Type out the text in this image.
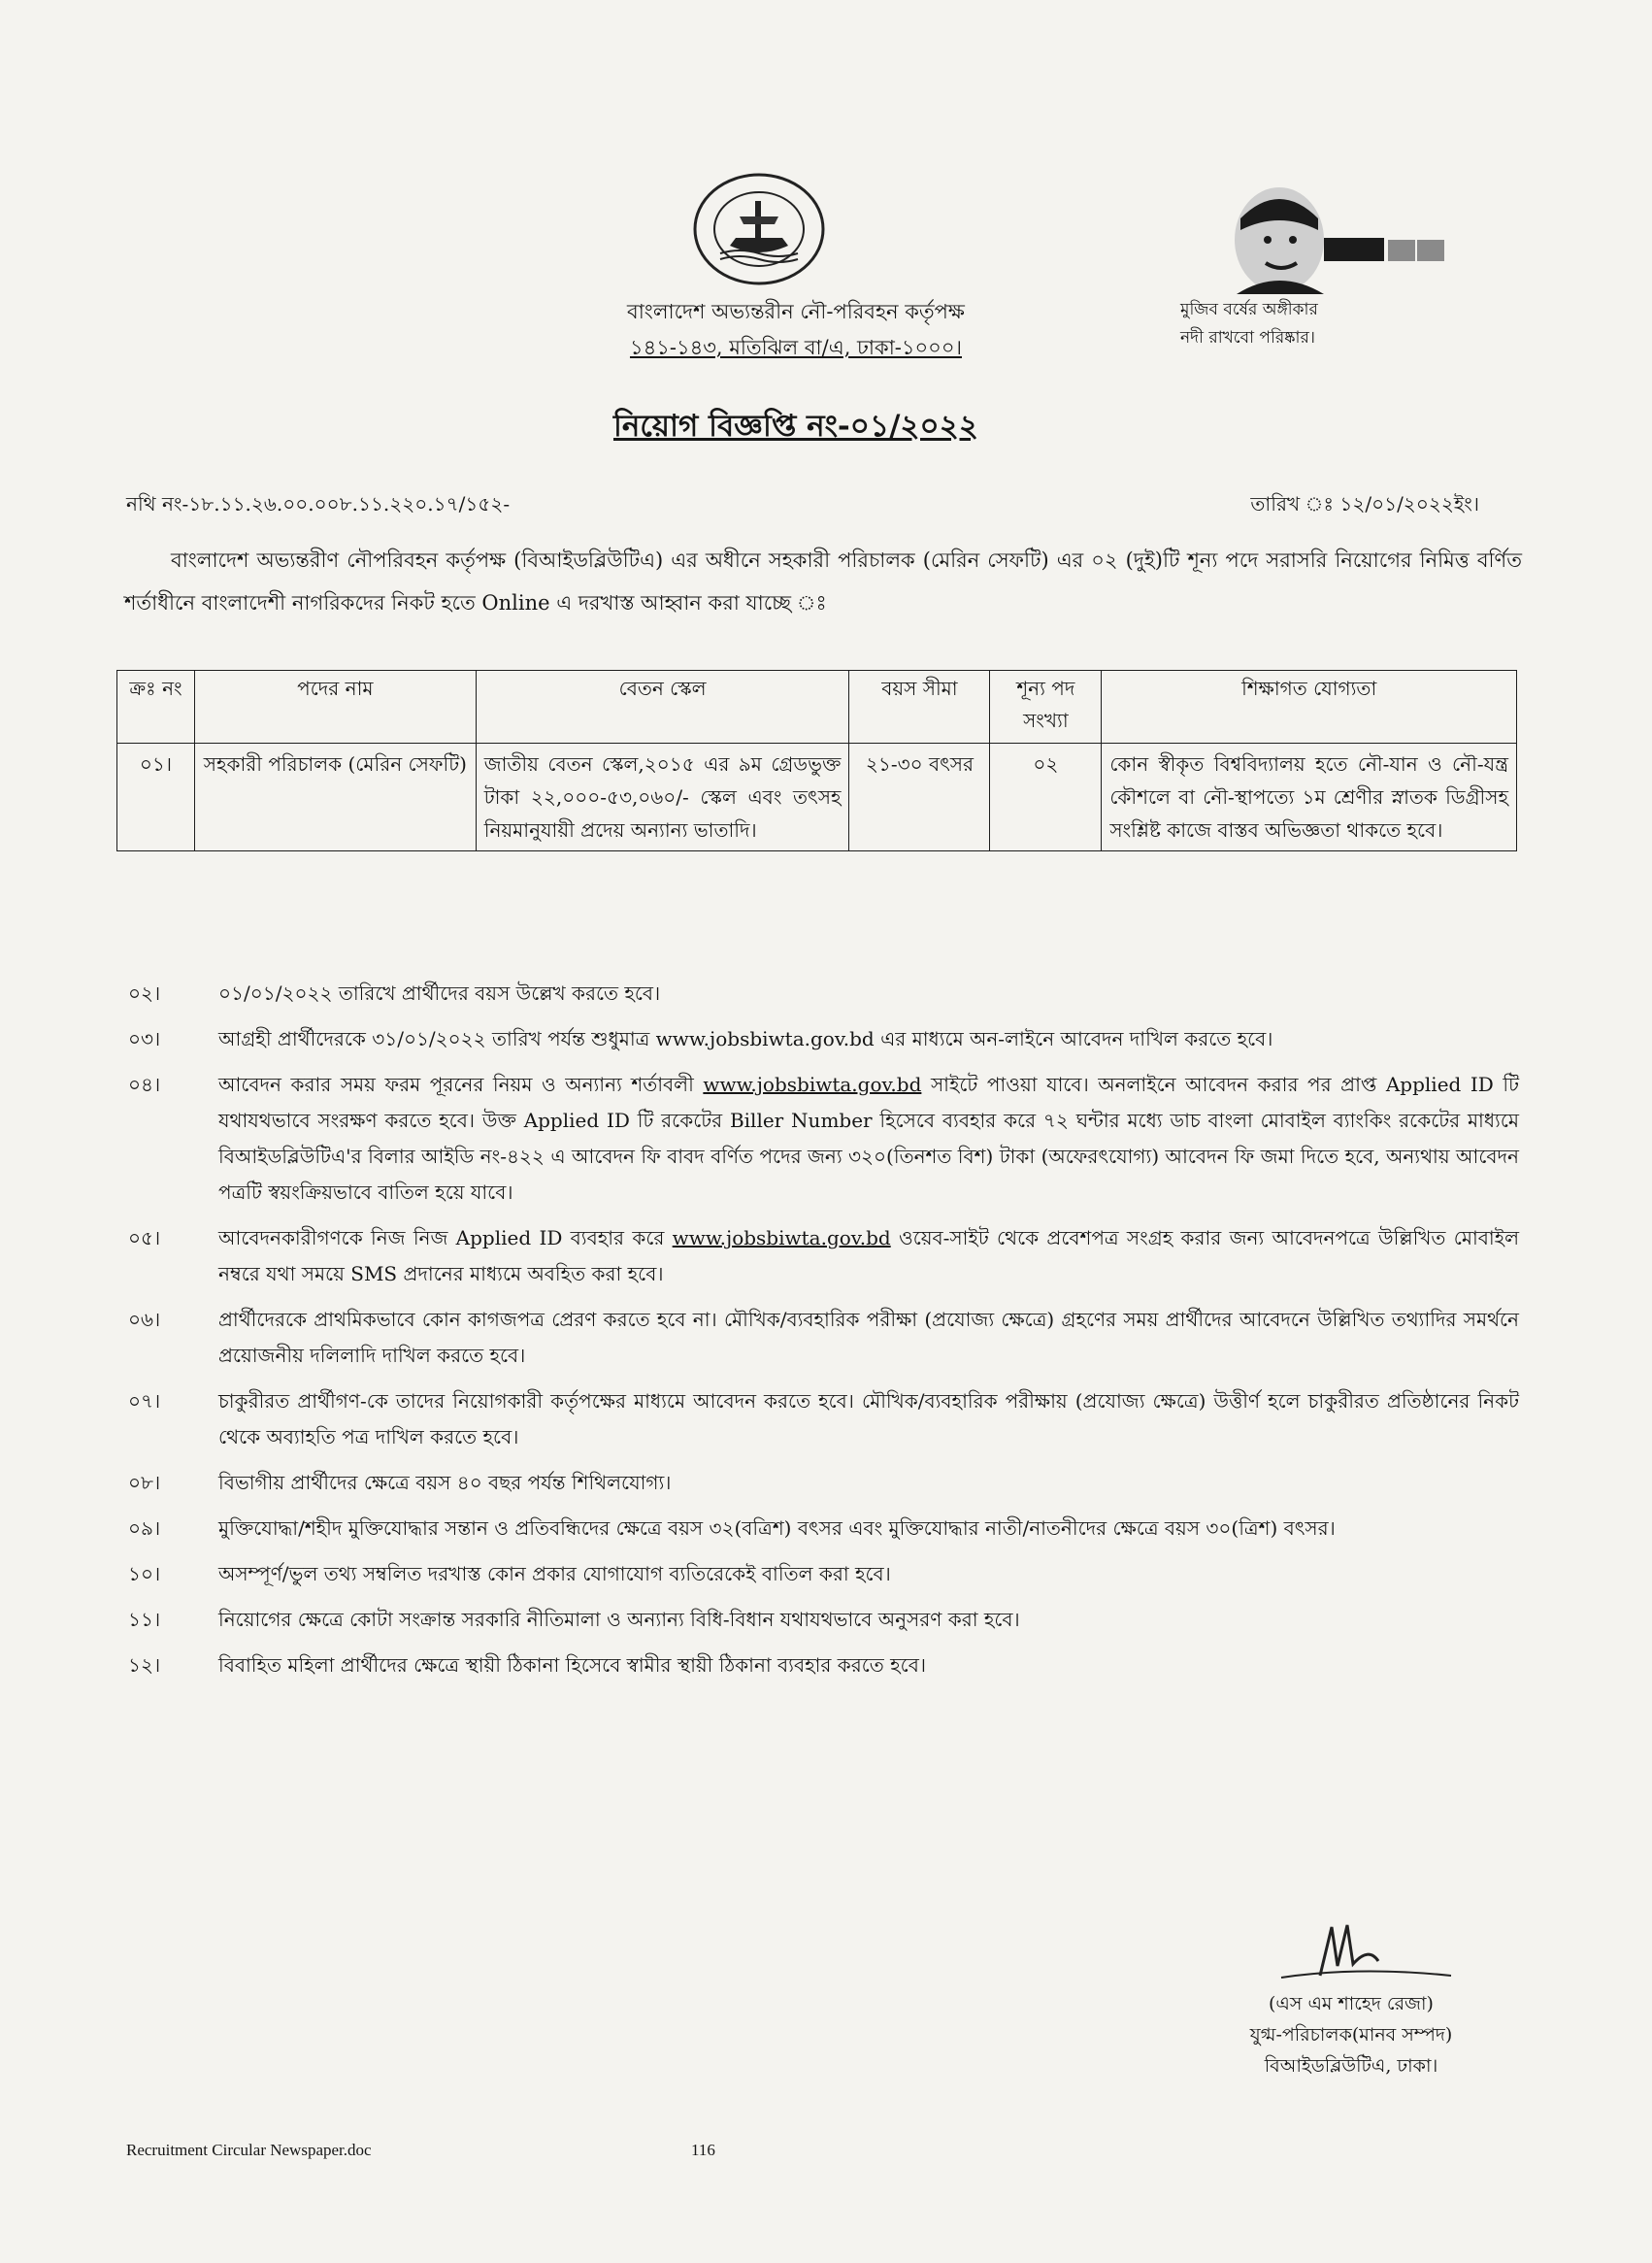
মুজিব বর্ষের অঙ্গীকার
নদী রাখবো পরিষ্কার।
বাংলাদেশ অভ্যন্তরীন নৌ-পরিবহন কর্তৃপক্ষ
১৪১-১৪৩, মতিঝিল বা/এ, ঢাকা-১০০০।
নিয়োগ বিজ্ঞপ্তি নং-০১/২০২২
নথি নং-১৮.১১.২৬.০০.০০৮.১১.২২০.১৭/১৫২-	তারিখ ঃ ১২/০১/২০২২ইং।
বাংলাদেশ অভ্যন্তরীণ নৌপরিবহন কর্তৃপক্ষ (বিআইডব্লিউটিএ) এর অধীনে সহকারী পরিচালক (মেরিন সেফটি) এর ০২ (দুই)টি শূন্য পদে সরাসরি নিয়োগের নিমিত্ত বর্ণিত শর্তাধীনে বাংলাদেশী নাগরিকদের নিকট হতে Online এ দরখাস্ত আহ্বান করা যাচ্ছে ঃ
ক্রঃ নং	পদের নাম	বেতন স্কেল	বয়স সীমা	শূন্য পদ সংখ্যা	শিক্ষাগত যোগ্যতা
০১।	সহকারী পরিচালক (মেরিন সেফটি)	জাতীয় বেতন স্কেল,২০১৫ এর ৯ম গ্রেডভুক্ত টাকা ২২,০০০-৫৩,০৬০/- স্কেল এবং তৎসহ নিয়মানুযায়ী প্রদেয় অন্যান্য ভাতাদি।	২১-৩০ বৎসর	০২	কোন স্বীকৃত বিশ্ববিদ্যালয় হতে নৌ-যান ও নৌ-যন্ত্র কৌশলে বা নৌ-স্থাপত্যে ১ম শ্রেণীর স্নাতক ডিগ্রীসহ সংশ্লিষ্ট কাজে বাস্তব অভিজ্ঞতা থাকতে হবে।
০২।	০১/০১/২০২২ তারিখে প্রার্থীদের বয়স উল্লেখ করতে হবে।
০৩।	আগ্রহী প্রার্থীদেরকে ৩১/০১/২০২২ তারিখ পর্যন্ত শুধুমাত্র www.jobsbiwta.gov.bd এর মাধ্যমে অন-লাইনে আবেদন দাখিল করতে হবে।
০৪।	আবেদন করার সময় ফরম পূরনের নিয়ম ও অন্যান্য শর্তাবলী www.jobsbiwta.gov.bd সাইটে পাওয়া যাবে। অনলাইনে আবেদন করার পর প্রাপ্ত Applied ID টি যথাযথভাবে সংরক্ষণ করতে হবে। উক্ত Applied ID টি রকেটের Biller Number হিসেবে ব্যবহার করে ৭২ ঘন্টার মধ্যে ডাচ বাংলা মোবাইল ব্যাংকিং রকেটের মাধ্যমে বিআইডব্লিউটিএ'র বিলার আইডি নং-৪২২ এ আবেদন ফি বাবদ বর্ণিত পদের জন্য ৩২০(তিনশত বিশ) টাকা (অফেরৎযোগ্য) আবেদন ফি জমা দিতে হবে, অন্যথায় আবেদন পত্রটি স্বয়ংক্রিয়ভাবে বাতিল হয়ে যাবে।
০৫।	আবেদনকারীগণকে নিজ নিজ Applied ID ব্যবহার করে www.jobsbiwta.gov.bd ওয়েব-সাইট থেকে প্রবেশপত্র সংগ্রহ করার জন্য আবেদনপত্রে উল্লিখিত মোবাইল নম্বরে যথা সময়ে SMS প্রদানের মাধ্যমে অবহিত করা হবে।
০৬।	প্রার্থীদেরকে প্রাথমিকভাবে কোন কাগজপত্র প্রেরণ করতে হবে না। মৌখিক/ব্যবহারিক পরীক্ষা (প্রযোজ্য ক্ষেত্রে) গ্রহণের সময় প্রার্থীদের আবেদনে উল্লিখিত তথ্যাদির সমর্থনে প্রয়োজনীয় দলিলাদি দাখিল করতে হবে।
০৭।	চাকুরীরত প্রার্থীগণ-কে তাদের নিয়োগকারী কর্তৃপক্ষের মাধ্যমে আবেদন করতে হবে। মৌখিক/ব্যবহারিক পরীক্ষায় (প্রযোজ্য ক্ষেত্রে) উত্তীর্ণ হলে চাকুরীরত প্রতিষ্ঠানের নিকট থেকে অব্যাহতি পত্র দাখিল করতে হবে।
০৮।	বিভাগীয় প্রার্থীদের ক্ষেত্রে বয়স ৪০ বছর পর্যন্ত শিথিলযোগ্য।
০৯।	মুক্তিযোদ্ধা/শহীদ মুক্তিযোদ্ধার সন্তান ও প্রতিবন্ধিদের ক্ষেত্রে বয়স ৩২(বত্রিশ) বৎসর এবং মুক্তিযোদ্ধার নাতী/নাতনীদের ক্ষেত্রে বয়স ৩০(ত্রিশ) বৎসর।
১০।	অসম্পূর্ণ/ভুল তথ্য সম্বলিত দরখাস্ত কোন প্রকার যোগাযোগ ব্যতিরেকেই বাতিল করা হবে।
১১।	নিয়োগের ক্ষেত্রে কোটা সংক্রান্ত সরকারি নীতিমালা ও অন্যান্য বিধি-বিধান যথাযথভাবে অনুসরণ করা হবে।
১২।	বিবাহিত মহিলা প্রার্থীদের ক্ষেত্রে স্থায়ী ঠিকানা হিসেবে স্বামীর স্থায়ী ঠিকানা ব্যবহার করতে হবে।
(এস এম শাহেদ রেজা)
যুগ্ম-পরিচালক(মানব সম্পদ)
বিআইডব্লিউটিএ, ঢাকা।
Recruitment Circular Newspaper.doc	116
